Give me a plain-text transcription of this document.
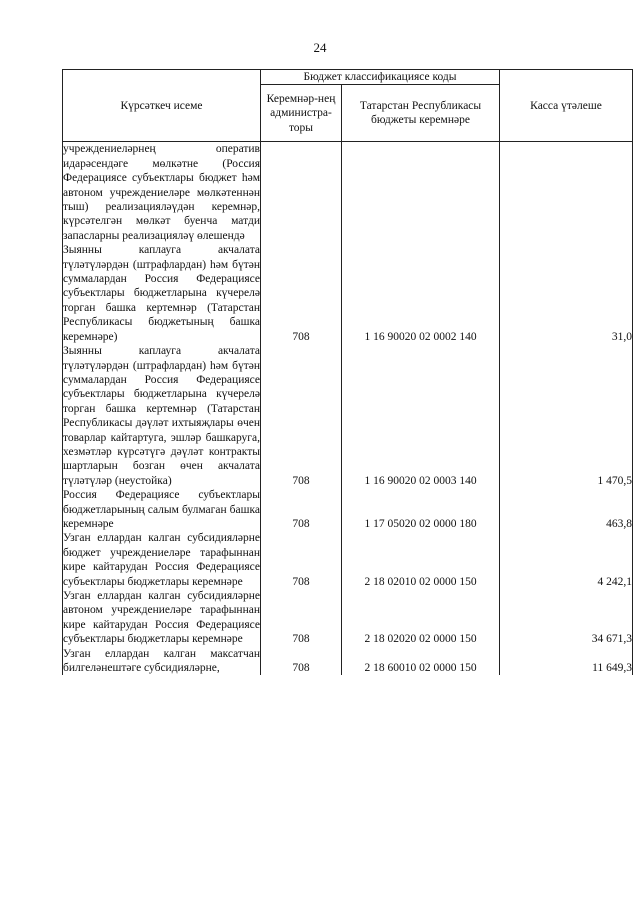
24
Күрсәткеч исеме	Бюджет классификациясе коды		Касса үтәлеше
	Керемнәр-нең администра-торы	Татарстан Республикасы бюджеты керемнәре	
учреждениеләрнең оператив идарәсендәге мөлкәтне (Россия Федерациясе субъектлары бюджет һәм автоном учреждениеләре мөлкәтеннән тыш) реализацияләүдән керемнәр, күрсәтелгән мөлкәт буенча матди запасларны реализацияләү өлешендә			
Зыянны каплауга акчалата түләтүләрдән (штрафлардан) һәм бүтән суммалардан Россия Федерациясе субъектлары бюджетларына күчерелә торган башка кертемнәр (Татарстан Республикасы бюджетының башка керемнәре)	708	1 16 90020 02 0002 140	31,0
Зыянны каплауга акчалата түләтүләрдән (штрафлардан) һәм бүтән суммалардан Россия Федерациясе субъектлары бюджетларына күчерелә торган башка кертемнәр (Татарстан Республикасы дәүләт ихтыяҗлары өчен товарлар кайтартуга, эшләр башкаруга, хезмәтләр күрсәтүгә дәүләт контракты шартларын бозган өчен акчалата түләтүләр (неустойка)	708	1 16 90020 02 0003 140	1 470,5
Россия Федерациясе субъектлары бюджетларының салым булмаган башка керемнәре	708	1 17 05020 02 0000 180	463,8
Узган еллардан калган субсидияләрне бюджет учреждениеләре тарафыннан кире кайтарудан Россия Федерациясе субъектлары бюджетлары керемнәре	708	2 18 02010 02 0000 150	4 242,1
Узган еллардан калган субсидияләрне автоном учреждениеләре тарафыннан кире кайтарудан Россия Федерациясе субъектлары бюджетлары керемнәре	708	2 18 02020 02 0000 150	34 671,3
Узган еллардан калган максатчан билгеләнештәге субсидияләрне,	708	2 18 60010 02 0000 150	11 649,3
